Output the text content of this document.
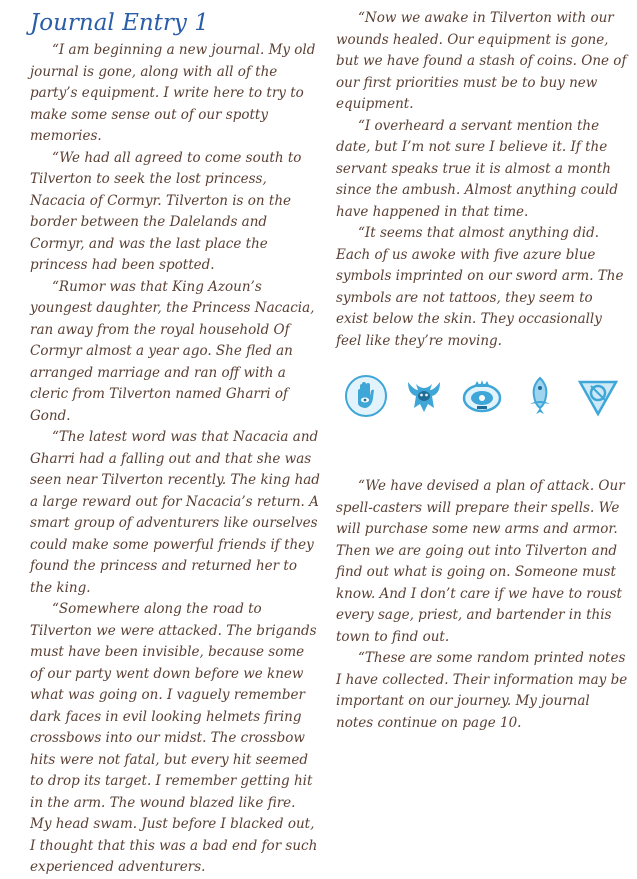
Journal Entry 1

“I am beginning a new journal. My old journal is gone, along with all of the party’s equipment. I write here to try to make some sense out of our spotty memories.

“We had all agreed to come south to Tilverton to seek the lost princess, Nacacia of Cormyr. Tilverton is on the border between the Dalelands and Cormyr, and was the last place the princess had been spotted.

“Rumor was that King Azoun’s youngest daughter, the Princess Nacacia, ran away from the royal household Of Cormyr almost a year ago. She fled an arranged marriage and ran off with a cleric from Tilverton named Gharri of Gond.

“The latest word was that Nacacia and Gharri had a falling out and that she was seen near Tilverton recently. The king had a large reward out for Nacacia’s return. A smart group of adventurers like ourselves could make some powerful friends if they found the princess and returned her to the king.

“Somewhere along the road to Tilverton we were attacked. The brigands must have been invisible, because some of our party went down before we knew what was going on. I vaguely remember dark faces in evil looking helmets firing crossbows into our midst. The crossbow hits were not fatal, but every hit seemed to drop its target. I remember getting hit in the arm. The wound blazed like fire. My head swam. Just before I blacked out, I thought that this was a bad end for such experienced adventurers.

“Now we awake in Tilverton with our wounds healed. Our equipment is gone, but we have found a stash of coins. One of our first priorities must be to buy new equipment.

“I overheard a servant mention the date, but I’m not sure I believe it. If the servant speaks true it is almost a month since the ambush. Almost anything could have happened in that time.

“It seems that almost anything did. Each of us awoke with five azure blue symbols imprinted on our sword arm. The symbols are not tattoos, they seem to exist below the skin. They occasionally feel like they’re moving.

“We have devised a plan of attack. Our spell-casters will prepare their spells. We will purchase some new arms and armor. Then we are going out into Tilverton and find out what is going on. Someone must know. And I don’t care if we have to roust every sage, priest, and bartender in this town to find out.

“These are some random printed notes I have collected. Their information may be important on our journey. My journal notes continue on page 10.
